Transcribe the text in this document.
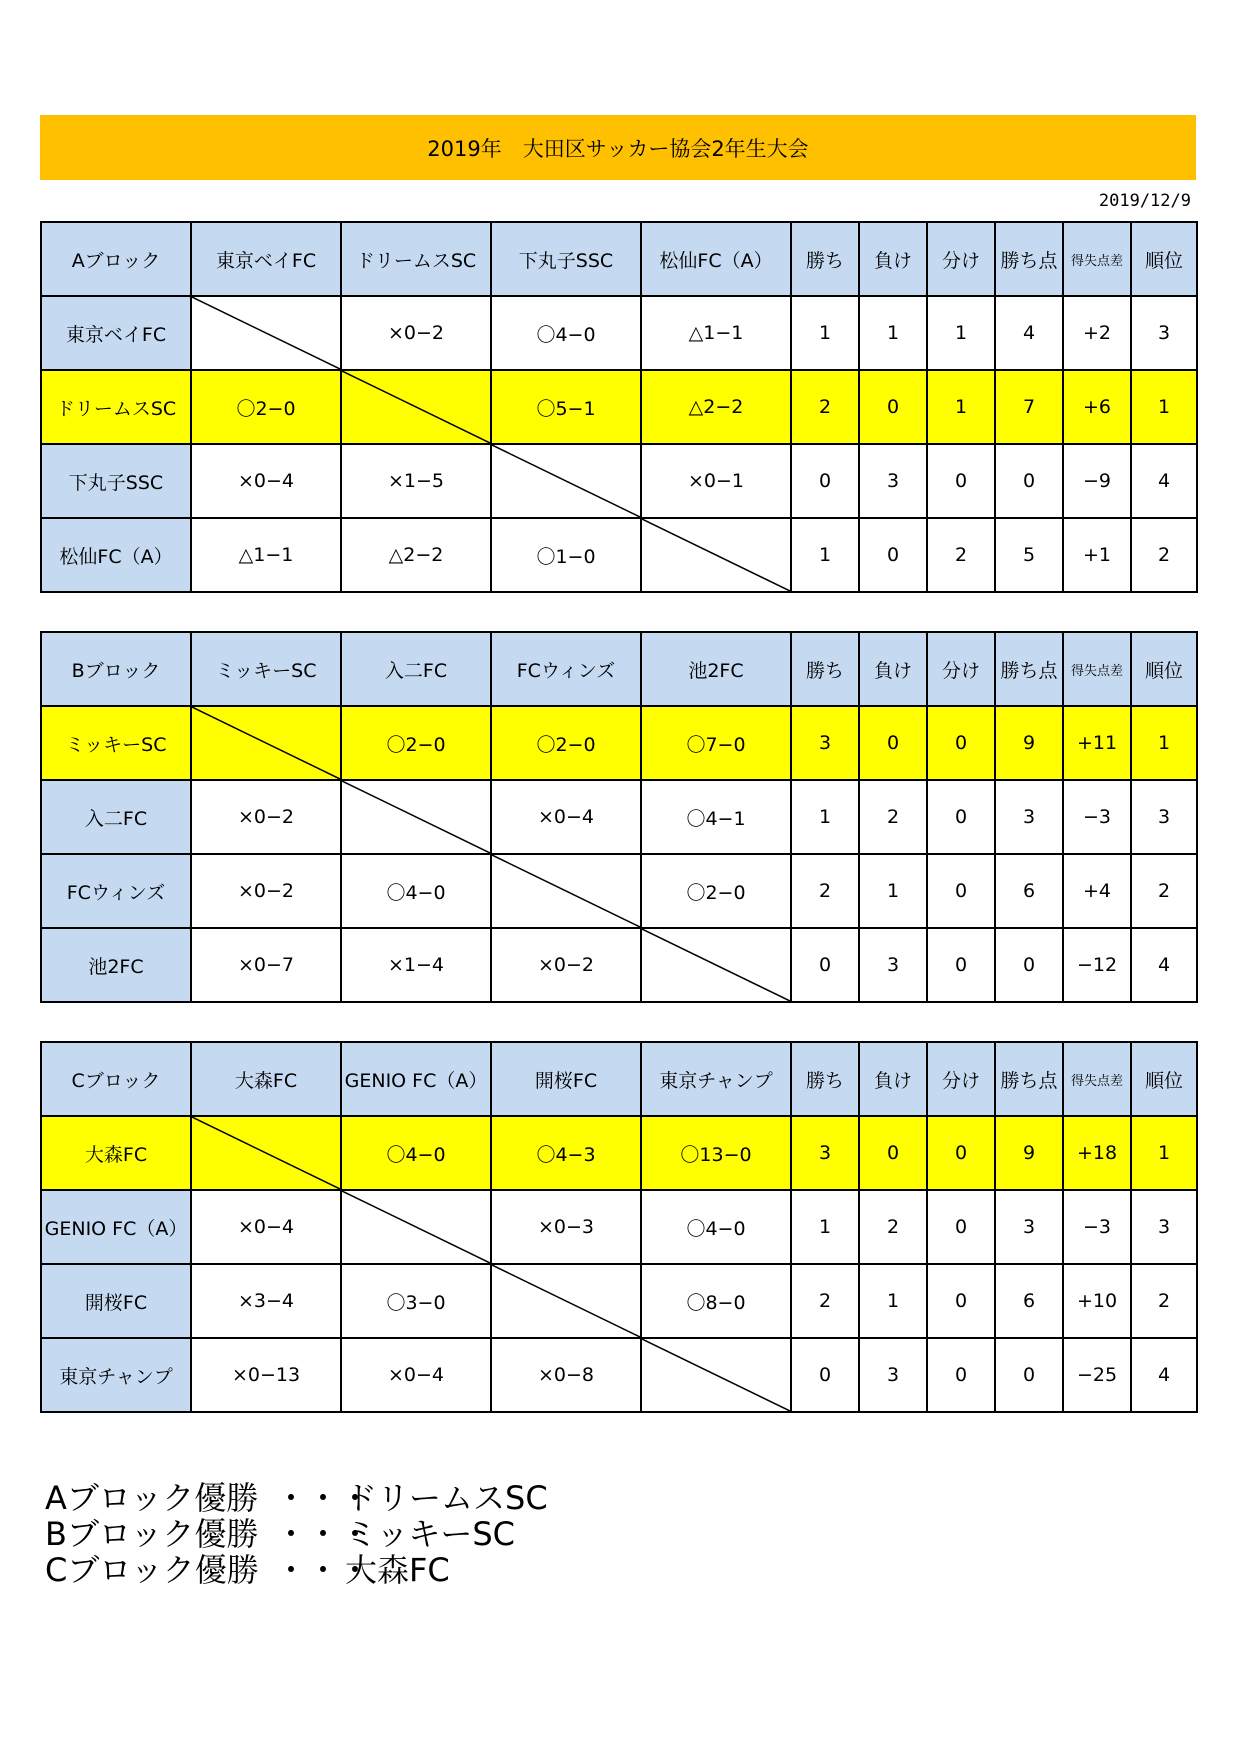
2019年　大田区サッカー協会2年生大会
2019/12/9
Aブロック	東京ベイFC	ドリームスSC	下丸子SSC	松仙FC（A）	勝ち	負け	分け	勝ち点	得失点差	順位
東京ベイFC		×0−2	〇4−0	△1−1	1	1	1	4	+2	3
ドリームスSC	〇2−0		〇5−1	△2−2	2	0	1	7	+6	1
下丸子SSC	×0−4	×1−5		×0−1	0	3	0	0	−9	4
松仙FC（A）	△1−1	△2−2	〇1−0		1	0	2	5	+1	2
Bブロック	ミッキーSC	入二FC	FCウィンズ	池2FC	勝ち	負け	分け	勝ち点	得失点差	順位
ミッキーSC		〇2−0	〇2−0	〇7−0	3	0	0	9	+11	1
入二FC	×0−2		×0−4	〇4−1	1	2	0	3	−3	3
FCウィンズ	×0−2	〇4−0		〇2−0	2	1	0	6	+4	2
池2FC	×0−7	×1−4	×0−2		0	3	0	0	−12	4
Cブロック	大森FC	GENIO FC（A）	開桜FC	東京チャンプ	勝ち	負け	分け	勝ち点	得失点差	順位
大森FC		〇4−0	〇4−3	〇13−0	3	0	0	9	+18	1
GENIO FC（A）	×0−4		×0−3	〇4−0	1	2	0	3	−3	3
開桜FC	×3−4	〇3−0		〇8−0	2	1	0	6	+10	2
東京チャンプ	×0−13	×0−4	×0−8		0	3	0	0	−25	4
Aブロック優勝 ・・・
ドリームスSC
Bブロック優勝 ・・・
ミッキーSC
Cブロック優勝 ・・・
大森FC
